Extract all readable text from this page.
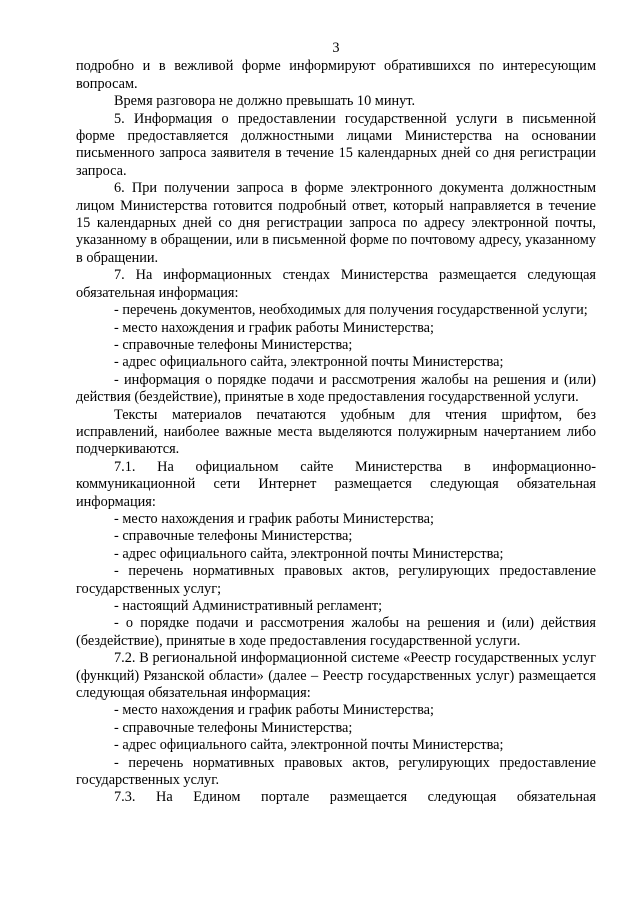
3

подробно и в вежливой форме информируют обратившихся по интересующим вопросам.

Время разговора не должно превышать 10 минут.

5. Информация о предоставлении государственной услуги в письменной форме предоставляется должностными лицами Министерства на основании письменного запроса заявителя в течение 15 календарных дней со дня регистрации запроса.

6. При получении запроса в форме электронного документа должностным лицом Министерства готовится подробный ответ, который направляется в течение 15 календарных дней со дня регистрации запроса по адресу электронной почты, указанному в обращении, или в письменной форме по почтовому адресу, указанному в обращении.

7. На информационных стендах Министерства размещается следующая обязательная информация:

- перечень документов, необходимых для получения государственной услуги;

- место нахождения и график работы Министерства;

- справочные телефоны Министерства;

- адрес официального сайта, электронной почты Министерства;

- информация о порядке подачи и рассмотрения жалобы на решения и (или) действия (бездействие), принятые в ходе предоставления государственной услуги.

Тексты материалов печатаются удобным для чтения шрифтом, без исправлений, наиболее важные места выделяются полужирным начертанием либо подчеркиваются.

7.1. На официальном сайте Министерства в информационно-коммуникационной сети Интернет размещается следующая обязательная информация:

- место нахождения и график работы Министерства;

- справочные телефоны Министерства;

- адрес официального сайта, электронной почты Министерства;

- перечень нормативных правовых актов, регулирующих предоставление государственных услуг;

- настоящий Административный регламент;

- о порядке подачи и рассмотрения жалобы на решения и (или) действия (бездействие), принятые в ходе предоставления государственной услуги.

7.2. В региональной информационной системе «Реестр государственных услуг (функций) Рязанской области» (далее – Реестр государственных услуг) размещается следующая обязательная информация:

- место нахождения и график работы Министерства;

- справочные телефоны Министерства;

- адрес официального сайта, электронной почты Министерства;

- перечень нормативных правовых актов, регулирующих предоставление государственных услуг.

7.3. На Едином портале размещается следующая обязательная
